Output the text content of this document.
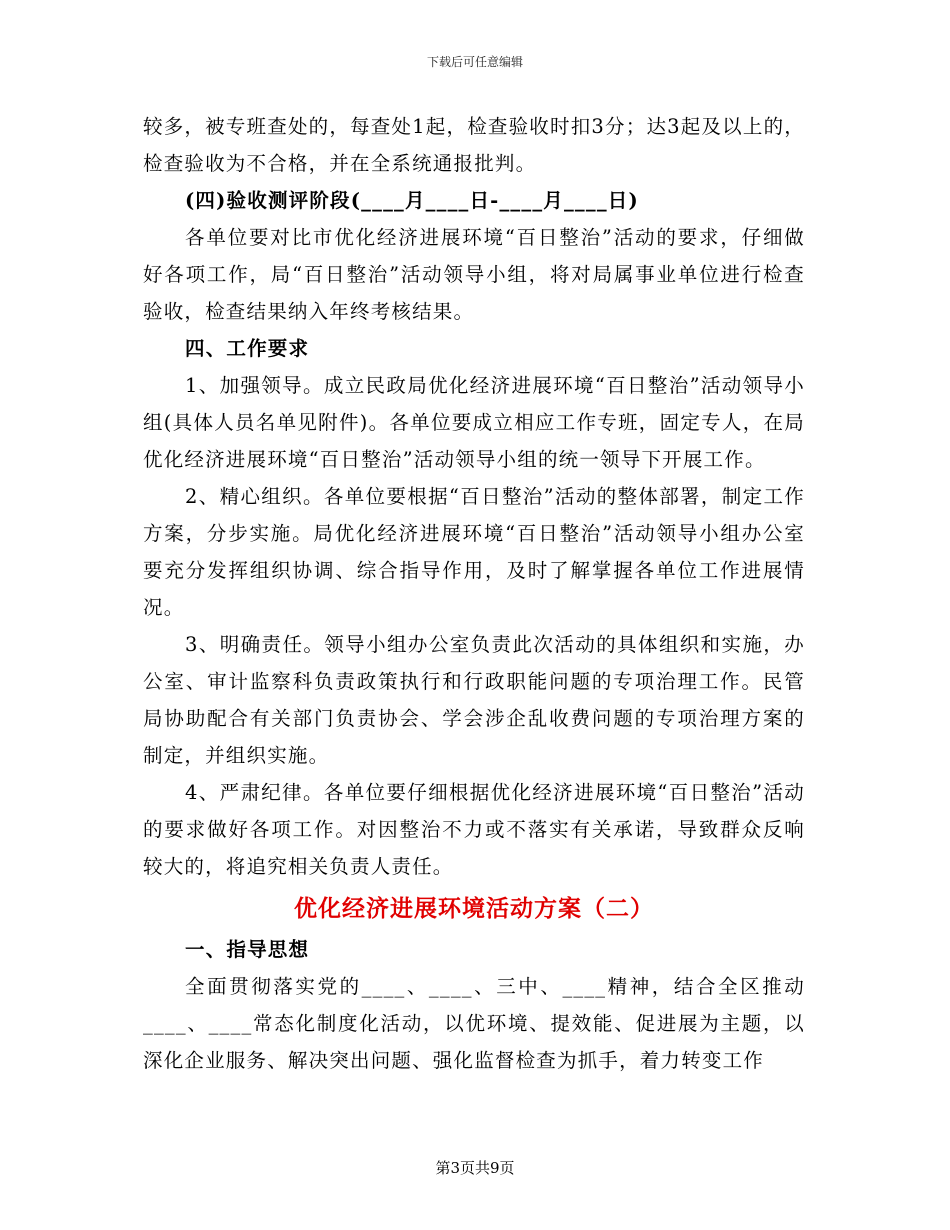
下载后可任意编辑

较多，被专班查处的，每查处1起，检查验收时扣3分；达3起及以上的，检查验收为不合格，并在全系统通报批判。

(四)验收测评阶段(____月____日-____月____日)

各单位要对比市优化经济进展环境“百日整治”活动的要求，仔细做好各项工作，局“百日整治”活动领导小组，将对局属事业单位进行检查验收，检查结果纳入年终考核结果。

四、工作要求

1、加强领导。成立民政局优化经济进展环境“百日整治”活动领导小组(具体人员名单见附件)。各单位要成立相应工作专班，固定专人，在局优化经济进展环境“百日整治”活动领导小组的统一领导下开展工作。

2、精心组织。各单位要根据“百日整治”活动的整体部署，制定工作方案，分步实施。局优化经济进展环境“百日整治”活动领导小组办公室要充分发挥组织协调、综合指导作用，及时了解掌握各单位工作进展情况。

3、明确责任。领导小组办公室负责此次活动的具体组织和实施，办公室、审计监察科负责政策执行和行政职能问题的专项治理工作。民管局协助配合有关部门负责协会、学会涉企乱收费问题的专项治理方案的制定，并组织实施。

4、严肃纪律。各单位要仔细根据优化经济进展环境“百日整治”活动的要求做好各项工作。对因整治不力或不落实有关承诺，导致群众反响较大的，将追究相关负责人责任。

优化经济进展环境活动方案（二）

一、指导思想

全面贯彻落实党的____、____、三中、____精神，结合全区推动____、____常态化制度化活动，以优环境、提效能、促进展为主题，以深化企业服务、解决突出问题、强化监督检查为抓手，着力转变工作

第3页共9页
